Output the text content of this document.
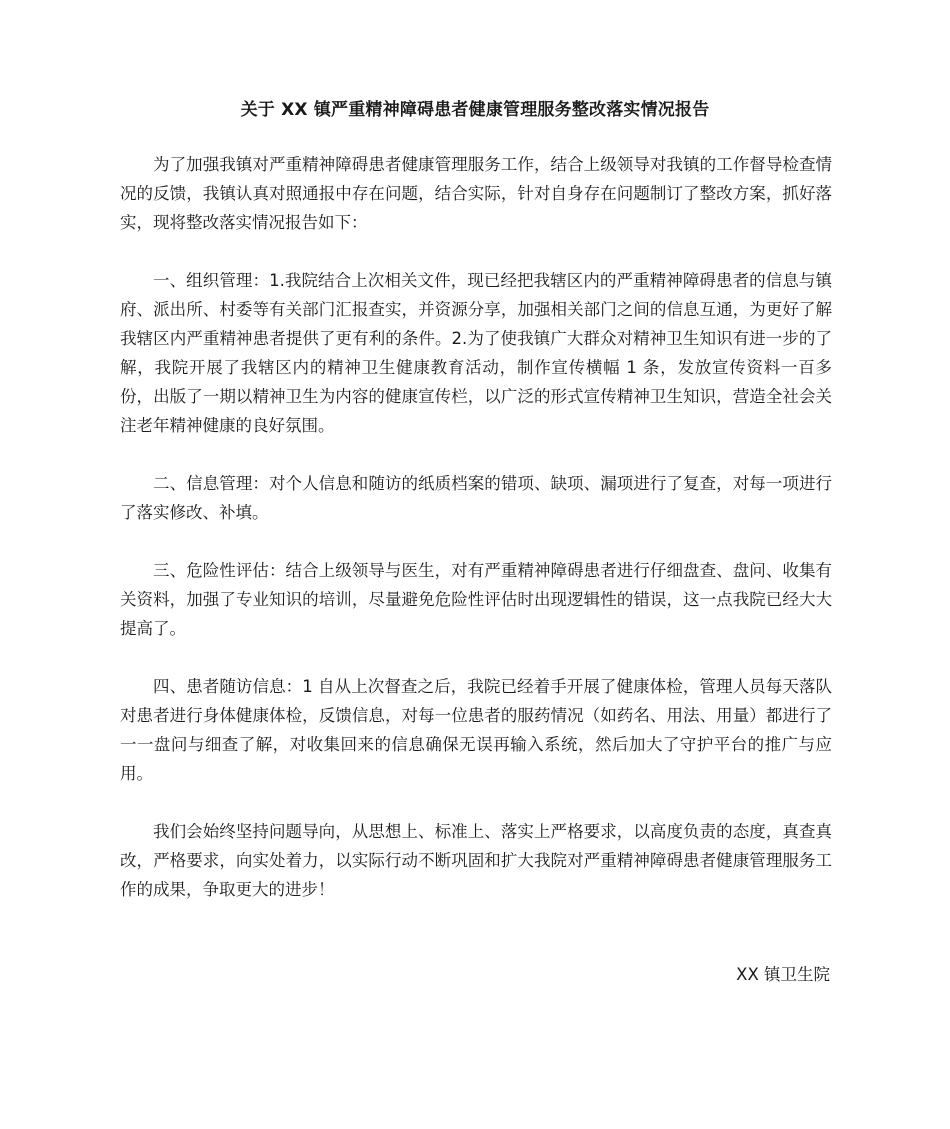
关于 XX 镇严重精神障碍患者健康管理服务整改落实情况报告

为了加强我镇对严重精神障碍患者健康管理服务工作，结合上级领导对我镇的工作督导检查情况的反馈，我镇认真对照通报中存在问题，结合实际，针对自身存在问题制订了整改方案，抓好落实，现将整改落实情况报告如下：

一、组织管理：1.我院结合上次相关文件，现已经把我辖区内的严重精神障碍患者的信息与镇府、派出所、村委等有关部门汇报查实，并资源分享，加强相关部门之间的信息互通，为更好了解我辖区内严重精神患者提供了更有利的条件。2.为了使我镇广大群众对精神卫生知识有进一步的了解，我院开展了我辖区内的精神卫生健康教育活动，制作宣传横幅 1 条，发放宣传资料一百多份，出版了一期以精神卫生为内容的健康宣传栏，以广泛的形式宣传精神卫生知识，营造全社会关注老年精神健康的良好氛围。

二、信息管理：对个人信息和随访的纸质档案的错项、缺项、漏项进行了复查，对每一项进行了落实修改、补填。

三、危险性评估：结合上级领导与医生，对有严重精神障碍患者进行仔细盘查、盘问、收集有关资料，加强了专业知识的培训，尽量避免危险性评估时出现逻辑性的错误，这一点我院已经大大提高了。

四、患者随访信息：1 自从上次督查之后，我院已经着手开展了健康体检，管理人员每天落队对患者进行身体健康体检，反馈信息，对每一位患者的服药情况（如药名、用法、用量）都进行了一一盘问与细查了解，对收集回来的信息确保无误再输入系统，然后加大了守护平台的推广与应用。

我们会始终坚持问题导向，从思想上、标准上、落实上严格要求，以高度负责的态度，真查真改，严格要求，向实处着力，以实际行动不断巩固和扩大我院对严重精神障碍患者健康管理服务工作的成果，争取更大的进步！

XX 镇卫生院
